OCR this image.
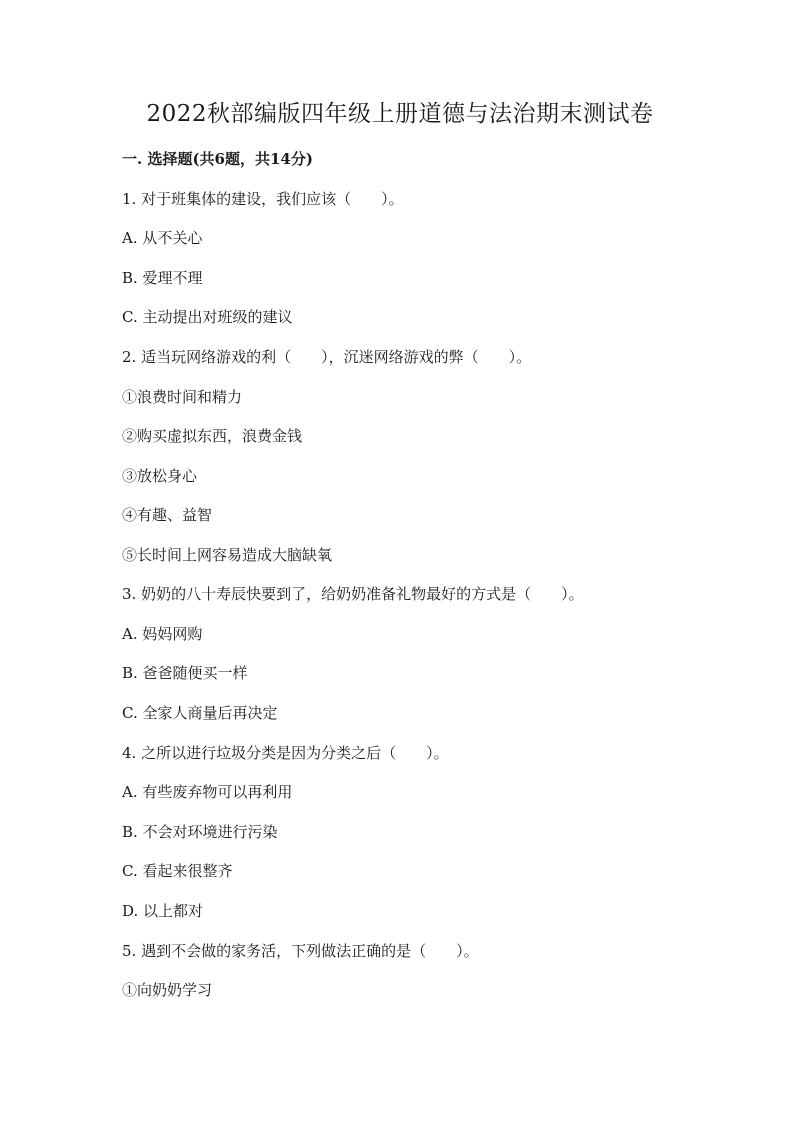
2022秋部编版四年级上册道德与法治期末测试卷
一. 选择题(共6题，共14分)
1. 对于班集体的建设，我们应该（　　）。
A. 从不关心
B. 爱理不理
C. 主动提出对班级的建议
2. 适当玩网络游戏的利（　　），沉迷网络游戏的弊（　　）。
①浪费时间和精力
②购买虚拟东西，浪费金钱
③放松身心
④有趣、益智
⑤长时间上网容易造成大脑缺氧
3. 奶奶的八十寿辰快要到了，给奶奶准备礼物最好的方式是（　　）。
A. 妈妈网购
B. 爸爸随便买一样
C. 全家人商量后再决定
4. 之所以进行垃圾分类是因为分类之后（　　）。
A. 有些废弃物可以再利用
B. 不会对环境进行污染
C. 看起来很整齐
D. 以上都对
5. 遇到不会做的家务活，下列做法正确的是（　　）。
①向奶奶学习
